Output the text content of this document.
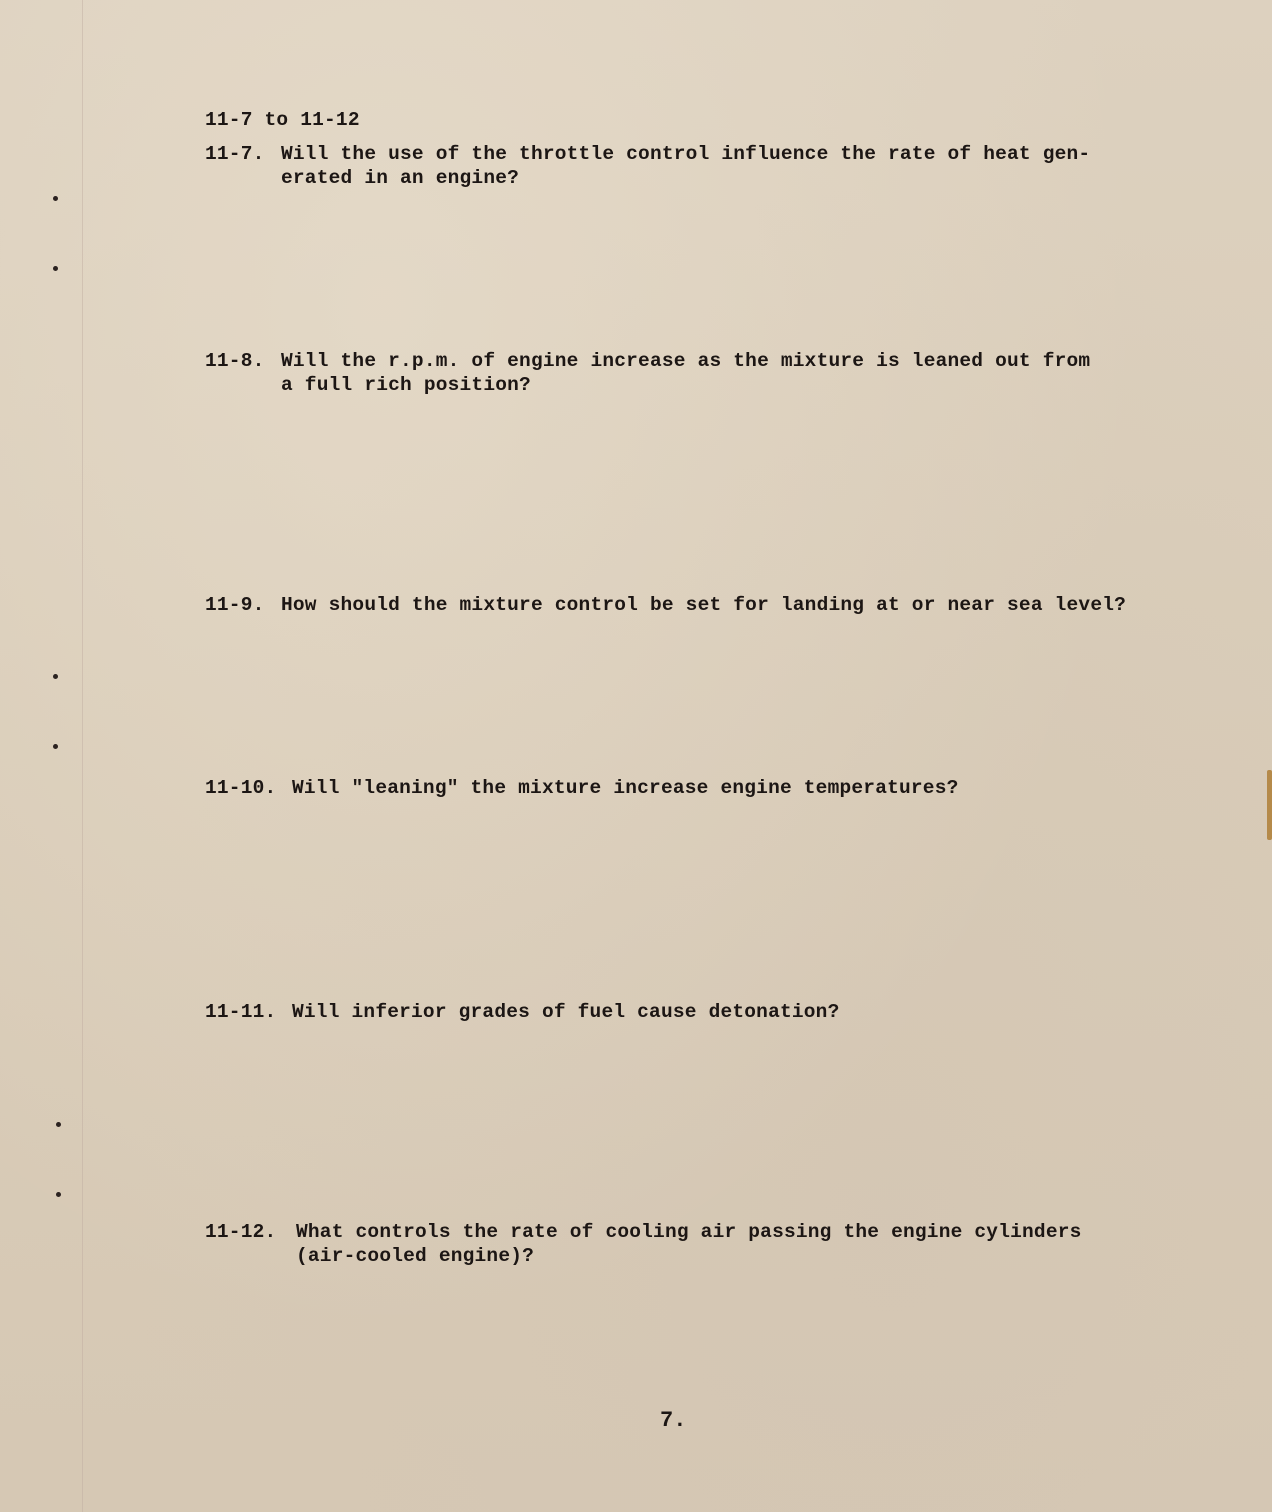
11-7 to 11-12
11-7. Will the use of the throttle control influence the rate of heat gen-
erated in an engine?
11-8. Will the r.p.m. of engine increase as the mixture is leaned out from
a full rich position?
11-9. How should the mixture control be set for landing at or near sea level?
11-10. Will "leaning" the mixture increase engine temperatures?
11-11. Will inferior grades of fuel cause detonation?
11-12. What controls the rate of cooling air passing the engine cylinders
(air-cooled engine)?
7.
